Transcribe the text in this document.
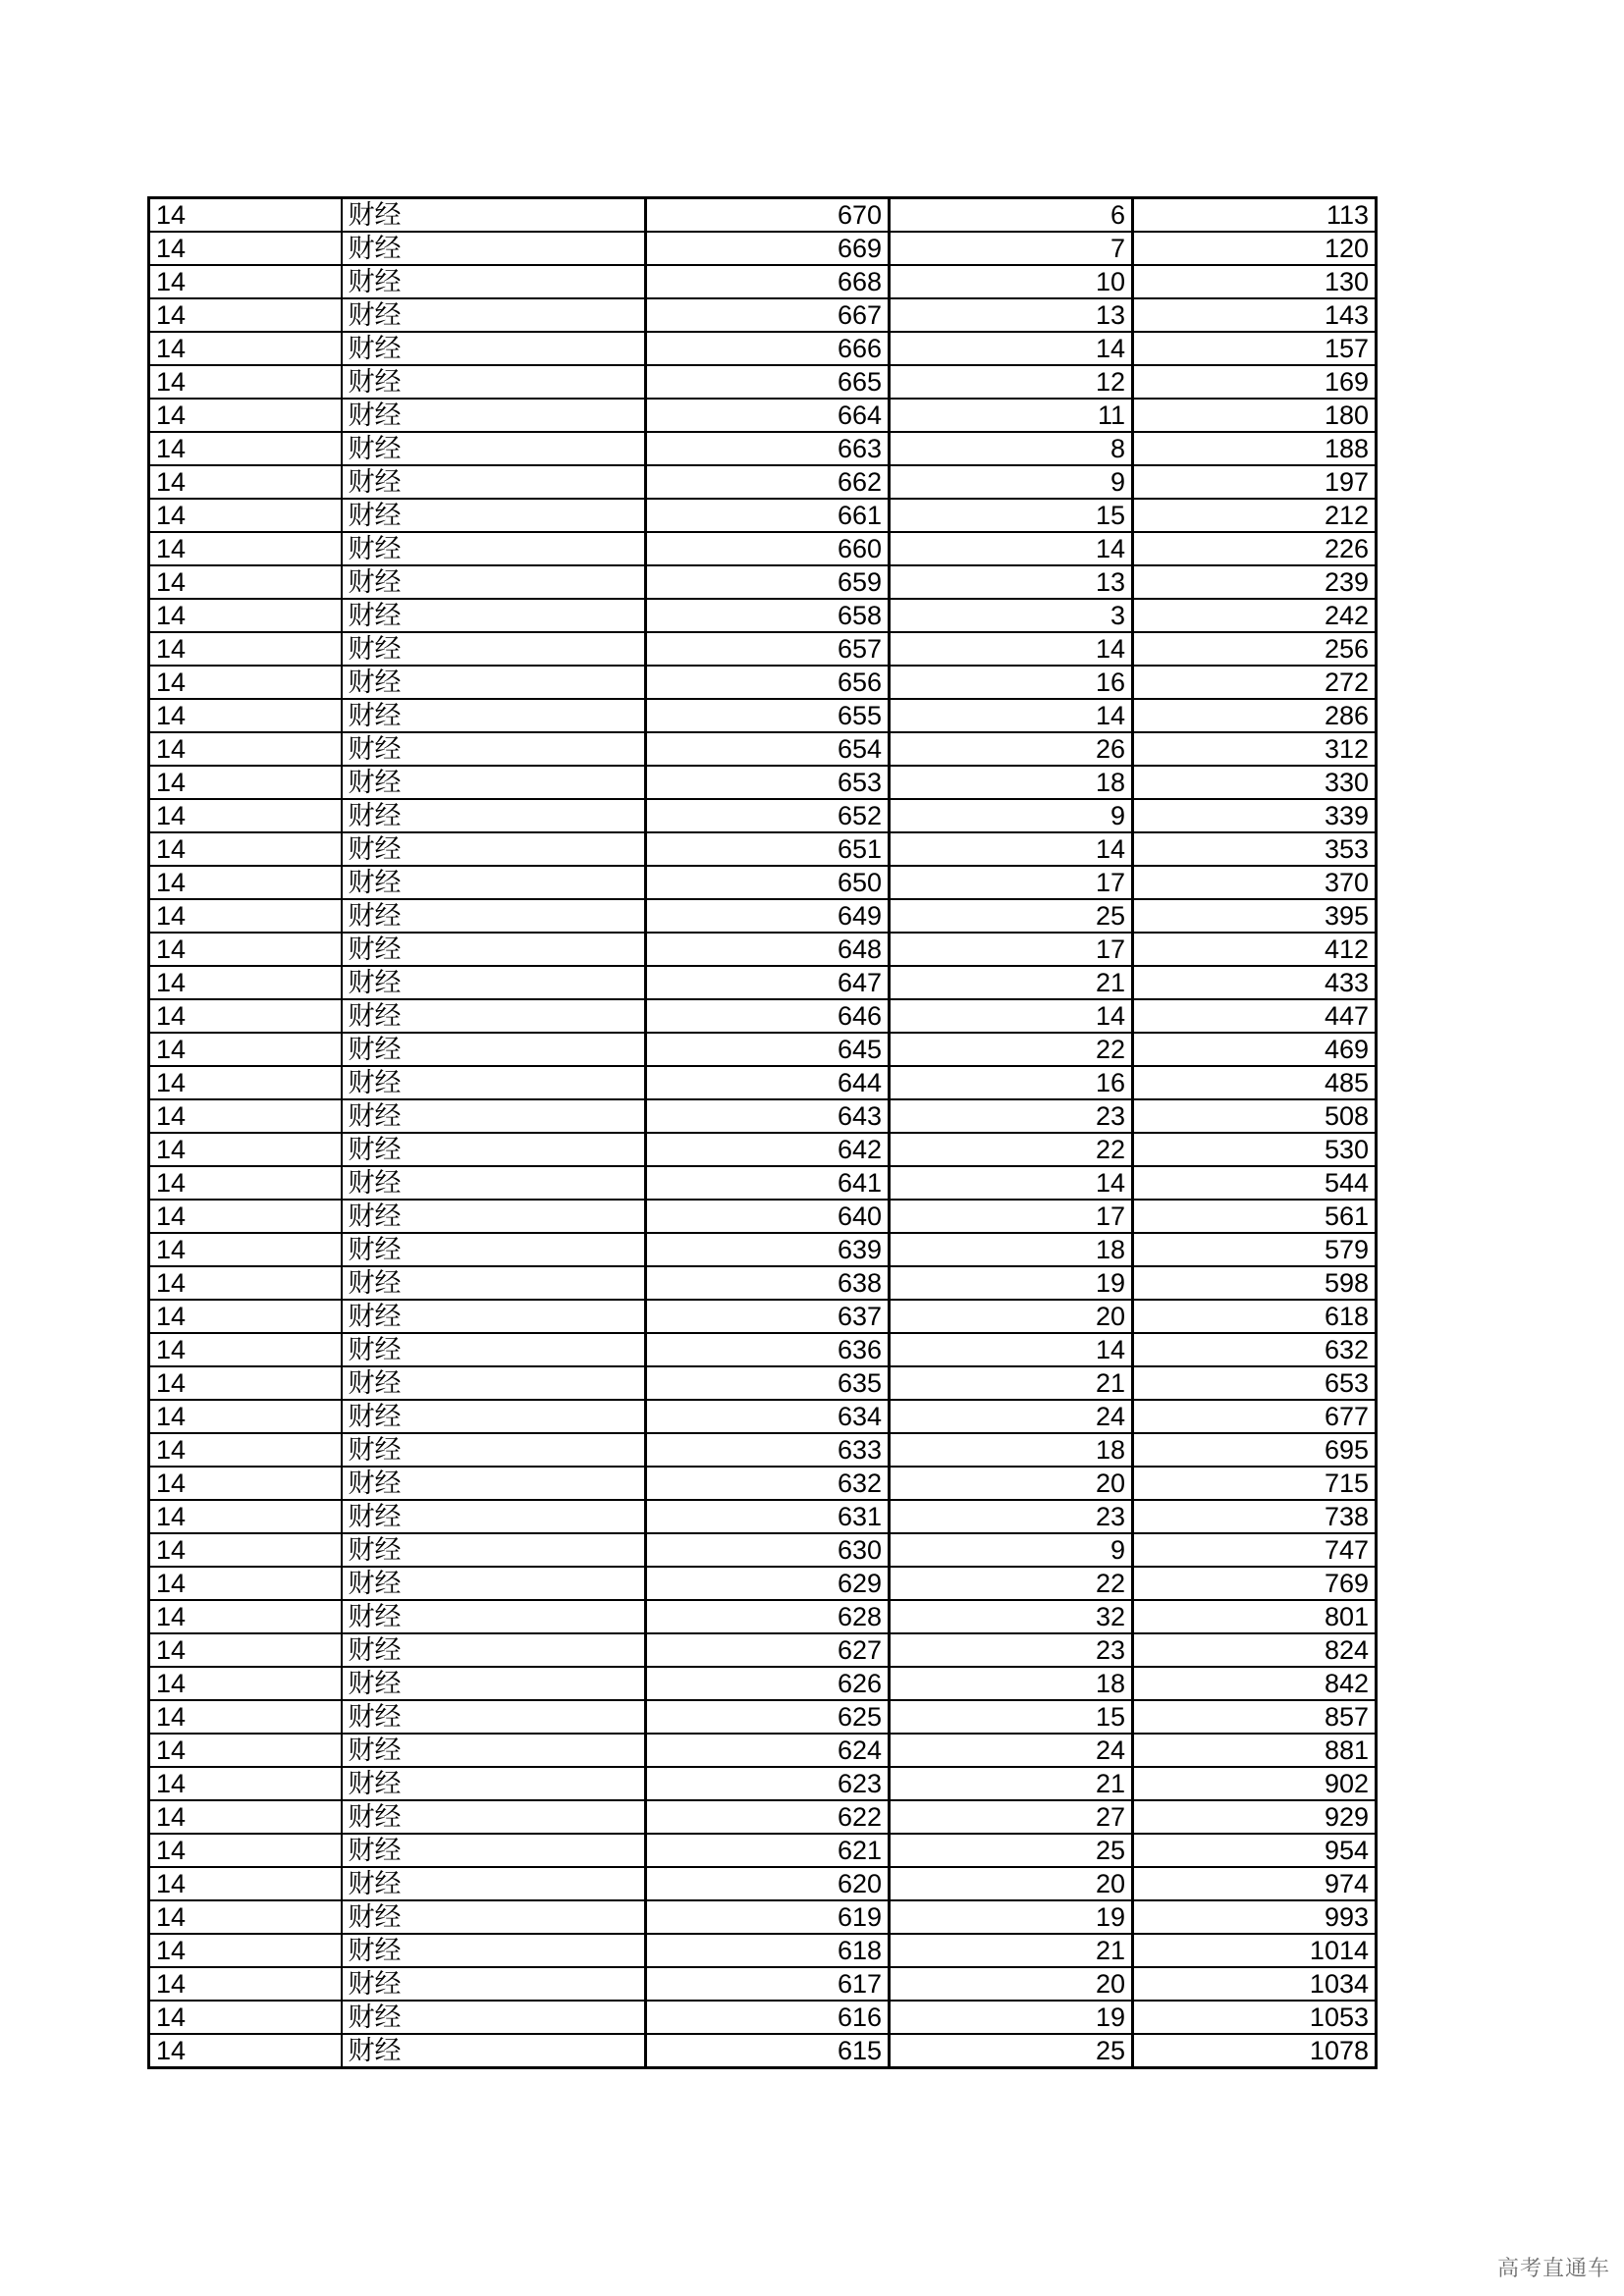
14	财经	670	6	113
14	财经	669	7	120
14	财经	668	10	130
14	财经	667	13	143
14	财经	666	14	157
14	财经	665	12	169
14	财经	664	11	180
14	财经	663	8	188
14	财经	662	9	197
14	财经	661	15	212
14	财经	660	14	226
14	财经	659	13	239
14	财经	658	3	242
14	财经	657	14	256
14	财经	656	16	272
14	财经	655	14	286
14	财经	654	26	312
14	财经	653	18	330
14	财经	652	9	339
14	财经	651	14	353
14	财经	650	17	370
14	财经	649	25	395
14	财经	648	17	412
14	财经	647	21	433
14	财经	646	14	447
14	财经	645	22	469
14	财经	644	16	485
14	财经	643	23	508
14	财经	642	22	530
14	财经	641	14	544
14	财经	640	17	561
14	财经	639	18	579
14	财经	638	19	598
14	财经	637	20	618
14	财经	636	14	632
14	财经	635	21	653
14	财经	634	24	677
14	财经	633	18	695
14	财经	632	20	715
14	财经	631	23	738
14	财经	630	9	747
14	财经	629	22	769
14	财经	628	32	801
14	财经	627	23	824
14	财经	626	18	842
14	财经	625	15	857
14	财经	624	24	881
14	财经	623	21	902
14	财经	622	27	929
14	财经	621	25	954
14	财经	620	20	974
14	财经	619	19	993
14	财经	618	21	1014
14	财经	617	20	1034
14	财经	616	19	1053
14	财经	615	25	1078
高考直通车
